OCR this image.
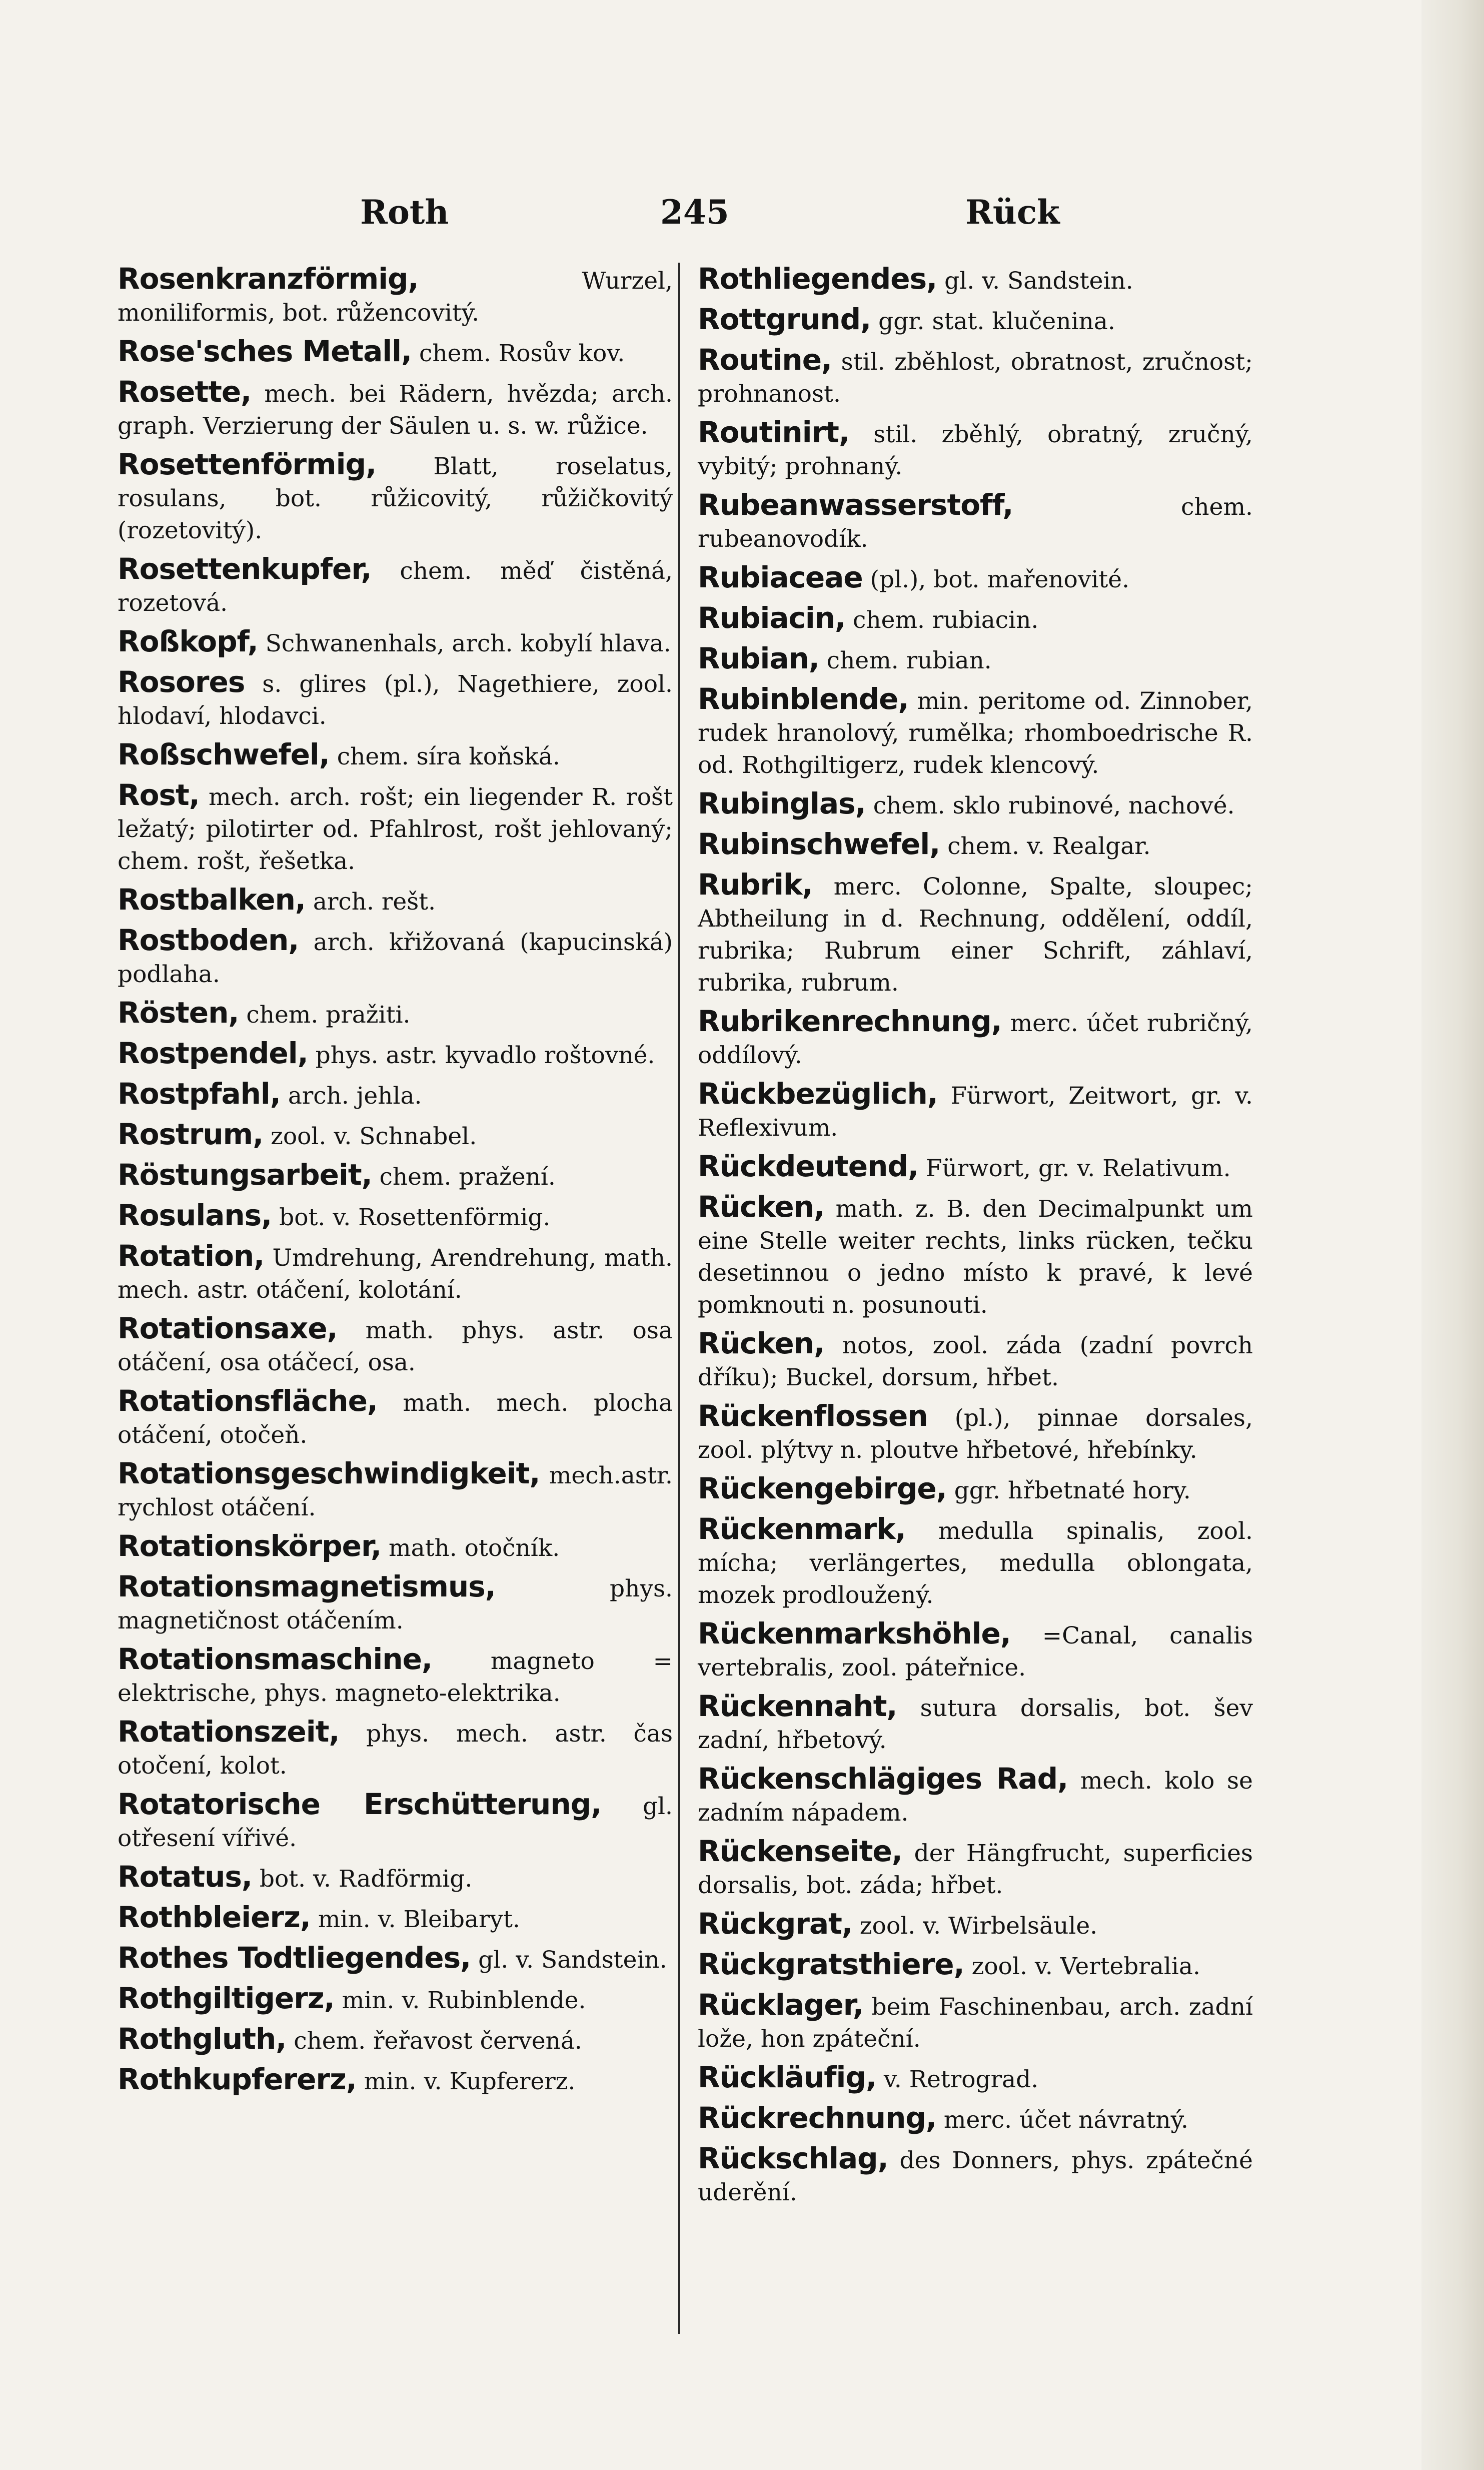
Roth	245	Rück
Rosenkranzförmig,	Wurzel, moniliformis, bot. růžencovitý.
Rose'sches Metall, chem. Rosův kov.
Rosette, mech. bei Rädern, hvězda; arch. graph. Verzierung der Säulen u. s. w. růžice.
Rosettenförmig, Blatt, roselatus, rosulans, bot. růžicovitý, růžičkovitý (rozetovitý).
Rosettenkupfer, chem. měď čistěná, rozetová.
Roßkopf, Schwanenhals, arch. kobylí hlava.
Rosores s. glires (pl.), Nagethiere, zool. hlodaví, hlodavci.
Roßschwefel, chem. síra koňská.
Rost, mech. arch. rošt; ein liegender R. rošt ležatý; pilotirter od. Pfahlrost, rošt jehlovaný; chem. rošt, řešetka.
Rostbalken, arch. rešt.
Rostboden, arch. křižovaná (kapucinská) podlaha.
Rösten, chem. pražiti.
Rostpendel, phys. astr. kyvadlo roštovné.
Rostpfahl, arch. jehla.
Rostrum, zool. v. Schnabel.
Röstungsarbeit, chem. pražení.
Rosulans, bot. v. Rosettenförmig.
Rotation, Umdrehung, Arendrehung, math. mech. astr. otáčení, kolotání.
Rotationsaxe, math. phys. astr. osa otáčení, osa otáčecí, osa.
Rotationsfläche, math. mech. plocha otáčení, otočeň.
Rotationsgeschwindigkeit, mech.astr. rychlost otáčení.
Rotationskörper, math. otočník.
Rotationsmagnetismus,	phys. magnetičnost otáčením.
Rotationsmaschine, magneto = elektrische, phys. magneto-elektrika.
Rotationszeit, phys. mech. astr. čas otočení, kolot.
Rotatorische Erschütterung, gl. otřesení vířivé.
Rotatus, bot. v. Radförmig.
Rothbleierz, min. v. Bleibaryt.
Rothes Todtliegendes, gl. v. Sandstein.
Rothgiltigerz, min. v. Rubinblende.
Rothgluth, chem. řeřavost červená.
Rothkupfererz, min. v. Kupfererz.
Rothliegendes, gl. v. Sandstein.
Rottgrund, ggr. stat. klučenina.
Routine, stil. zběhlost, obratnost, zručnost; prohnanost.
Routinirt, stil. zběhlý, obratný, zručný, vybitý; prohnaný.
Rubeanwasserstoff,	chem. rubeanovodík.
Rubiaceae (pl.), bot. mařenovité.
Rubiacin, chem. rubiacin.
Rubian, chem. rubian.
Rubinblende, min. peritome od. Zinnober, rudek hranolový, rumělka; rhomboedrische R. od. Rothgiltigerz, rudek klencový.
Rubinglas, chem. sklo rubinové, nachové.
Rubinschwefel, chem. v. Realgar.
Rubrik, merc. Colonne, Spalte, sloupec; Abtheilung in d. Rechnung, oddělení, oddíl, rubrika; Rubrum einer Schrift, záhlaví, rubrika, rubrum.
Rubrikenrechnung, merc. účet rubričný, oddílový.
Rückbezüglich, Fürwort, Zeitwort, gr. v. Reflexivum.
Rückdeutend, Fürwort, gr. v. Relativum.
Rücken, math. z. B. den Decimalpunkt um eine Stelle weiter rechts, links rücken, tečku desetinnou o jedno místo k pravé, k levé pomknouti n. posunouti.
Rücken, notos, zool. záda (zadní povrch dříku); Buckel, dorsum, hřbet.
Rückenflossen (pl.), pinnae dorsales, zool. plýtvy n. ploutve hřbetové, hřebínky.
Rückengebirge, ggr. hřbetnaté hory.
Rückenmark, medulla spinalis, zool. mícha; verlängertes, medulla oblongata, mozek prodloužený.
Rückenmarkshöhle, =Canal, canalis vertebralis, zool. páteřnice.
Rückennaht, sutura dorsalis, bot. šev zadní, hřbetový.
Rückenschlägiges Rad, mech. kolo se zadním nápadem.
Rückenseite, der Hängfrucht, superficies dorsalis, bot. záda; hřbet.
Rückgrat, zool. v. Wirbelsäule.
Rückgratsthiere, zool. v. Vertebralia.
Rücklager, beim Faschinenbau, arch. zadní lože, hon zpáteční.
Rückläufig, v. Retrograd.
Rückrechnung, merc. účet návratný.
Rückschlag, des Donners, phys. zpátečné uderění.
